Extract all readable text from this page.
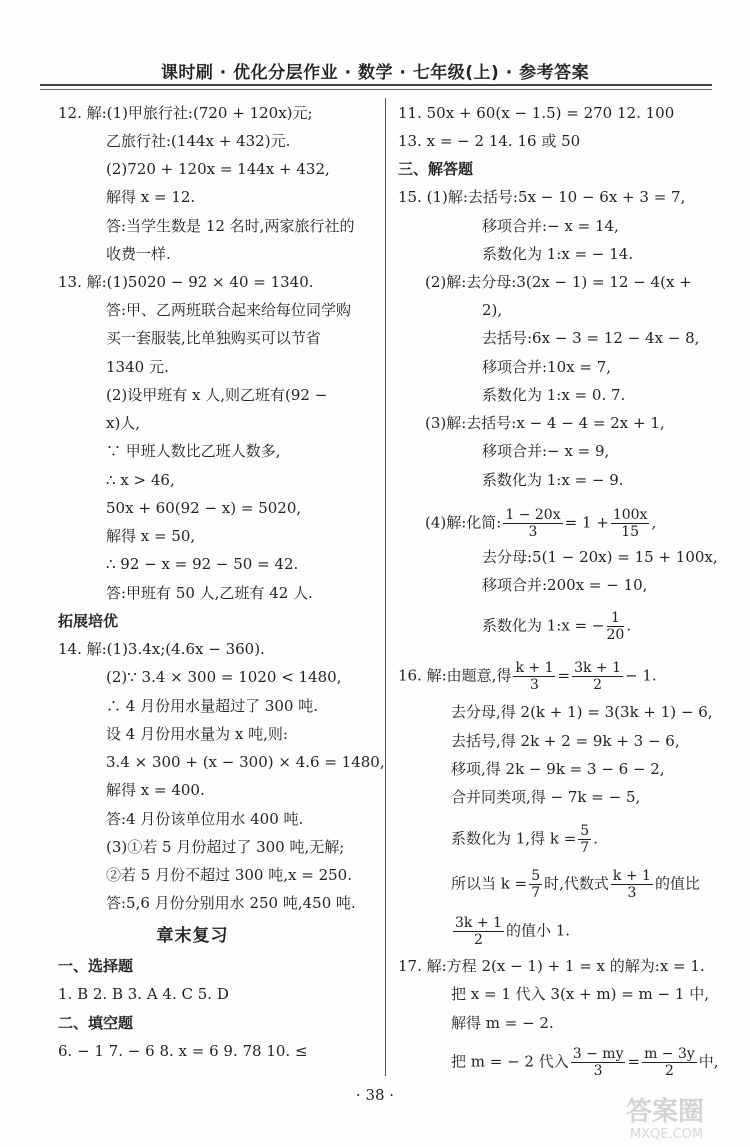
课时刷 · 优化分层作业 · 数学 · 七年级(上) · 参考答案
12. 解:(1)甲旅行社:(720 + 120x)元;
乙旅行社:(144x + 432)元.
(2)720 + 120x = 144x + 432,
解得 x = 12.
答:当学生数是 12 名时,两家旅行社的
收费一样.
13. 解:(1)5020 − 92 × 40 = 1340.
答:甲、乙两班联合起来给每位同学购
买一套服装,比单独购买可以节省
1340 元.
(2)设甲班有 x 人,则乙班有(92 −
x)人,
∵ 甲班人数比乙班人数多,
∴ x > 46,
50x + 60(92 − x) = 5020,
解得 x = 50,
∴ 92 − x = 92 − 50 = 42.
答:甲班有 50 人,乙班有 42 人.
拓展培优
14. 解:(1)3.4x;(4.6x − 360).
(2)∵ 3.4 × 300 = 1020 < 1480,
∴ 4 月份用水量超过了 300 吨.
设 4 月份用水量为 x 吨,则:
3.4 × 300 + (x − 300) × 4.6 = 1480,
解得 x = 400.
答:4 月份该单位用水 400 吨.
(3)①若 5 月份超过了 300 吨,无解;
②若 5 月份不超过 300 吨,x = 250.
答:5,6 月份分别用水 250 吨,450 吨.
章末复习
一、选择题
1. B 2. B 3. A 4. C 5. D
二、填空题
6. − 1 7. − 6 8. x = 6 9. 78 10. ≤
11. 50x + 60(x − 1.5) = 270 12. 100
13. x = − 2 14. 16 或 50
三、解答题
15. (1)解:去括号:5x − 10 − 6x + 3 = 7,
移项合并:− x = 14,
系数化为 1:x = − 14.
(2)解:去分母:3(2x − 1) = 12 − 4(x +
2),
去括号:6x − 3 = 12 − 4x − 8,
移项合并:10x = 7,
系数化为 1:x = 0. 7.
(3)解:去括号:x − 4 − 4 = 2x + 1,
移项合并:− x = 9,
系数化为 1:x = − 9.
(4)解:化简: $\frac{1 - 20x}{3} = 1 + \frac{100x}{15}$ ,
去分母:5(1 − 20x) = 15 + 100x,
移项合并:200x = − 10,
系数化为 1:x = − $\frac{1}{20}$ .
16. 解:由题意,得 $\frac{k + 1}{3} = \frac{3k + 1}{2} - 1$.
去分母,得 2(k + 1) = 3(3k + 1) − 6,
去括号,得 2k + 2 = 9k + 3 − 6,
移项,得 2k − 9k = 3 − 6 − 2,
合并同类项,得 − 7k = − 5,
系数化为 1,得 $k = \frac{5}{7}$ .
所以当 $k = \frac{5}{7}$ 时,代数式 $\frac{k + 1}{3}$ 的值比
$\frac{3k + 1}{2}$ 的值小 1.
17. 解:方程 2(x − 1) + 1 = x 的解为:x = 1.
把 x = 1 代入 3(x + m) = m − 1 中,
解得 m = − 2.
把 m = − 2 代入 $\frac{3 - my}{3} = \frac{m - 3y}{2}$ 中,
· 38 ·
答案圈
MXQE.COM
